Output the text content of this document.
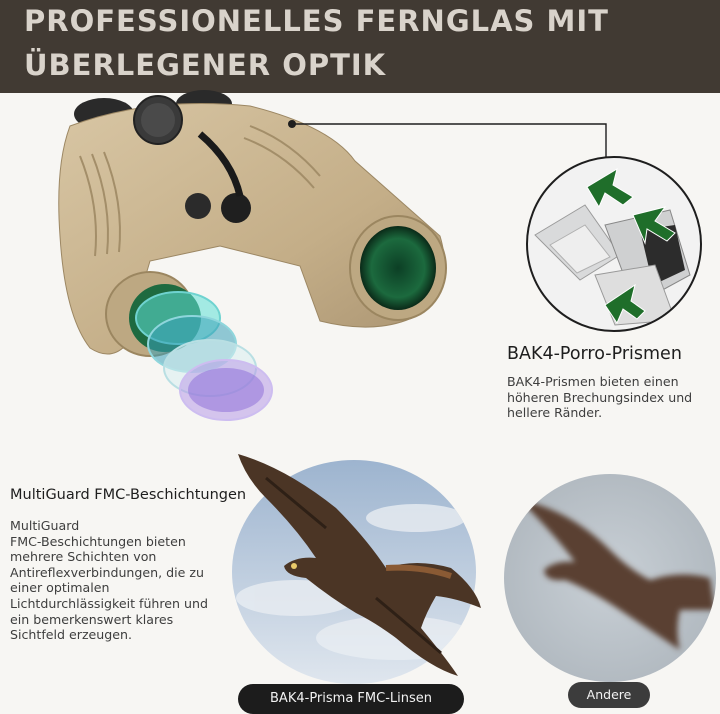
PROFESSIONELLES FERNGLAS MIT
ÜBERLEGENER OPTIK
BAK4-Porro-Prismen
BAK4-Prismen bieten einen
höheren Brechungsindex und
hellere Ränder.
MultiGuard FMC-Beschichtungen
MultiGuard
FMC-Beschichtungen bieten
mehrere Schichten von
Antireflexverbindungen, die zu
einer optimalen
Lichtdurchlässigkeit führen und
ein bemerkenswert klares
Sichtfeld erzeugen.
BAK4-Prisma FMC-Linsen	Andere
